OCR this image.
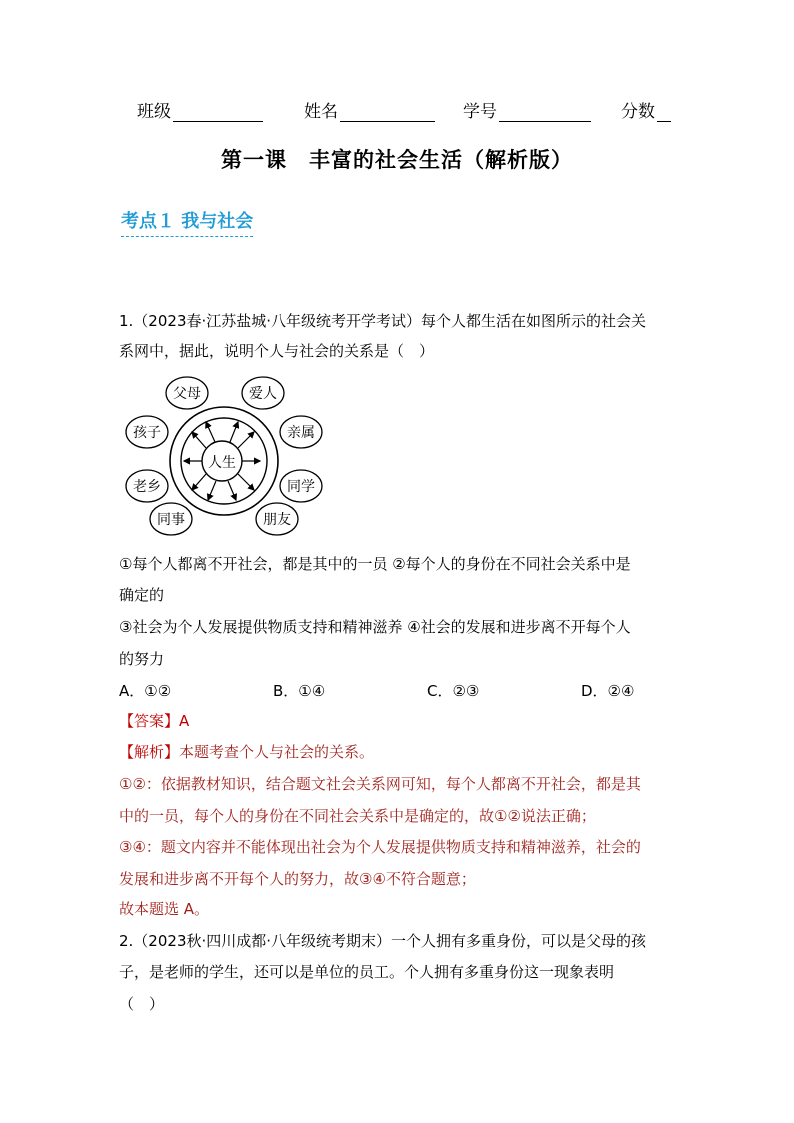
班级	姓名	学号	分数
第一课　丰富的社会生活（解析版）
考点１ 我与社会
1.（2023春·江苏盐城·八年级统考开学考试）每个人都生活在如图所示的社会关
系网中，据此，说明个人与社会的关系是（　）
人生
父母	爱人
孩子	亲属
老乡	同学
同事	朋友
①每个人都离不开社会，都是其中的一员 ②每个人的身份在不同社会关系中是
确定的
③社会为个人发展提供物质支持和精神滋养 ④社会的发展和进步离不开每个人
的努力
A．①②	B．①④	C．②③	D．②④
【答案】A
【解析】本题考查个人与社会的关系。
①②：依据教材知识，结合题文社会关系网可知，每个人都离不开社会，都是其
中的一员，每个人的身份在不同社会关系中是确定的，故①②说法正确；
③④：题文内容并不能体现出社会为个人发展提供物质支持和精神滋养，社会的
发展和进步离不开每个人的努力，故③④不符合题意；
故本题选 A。
2.（2023秋·四川成都·八年级统考期末）一个人拥有多重身份，可以是父母的孩
子，是老师的学生，还可以是单位的员工。个人拥有多重身份这一现象表明
（　）
